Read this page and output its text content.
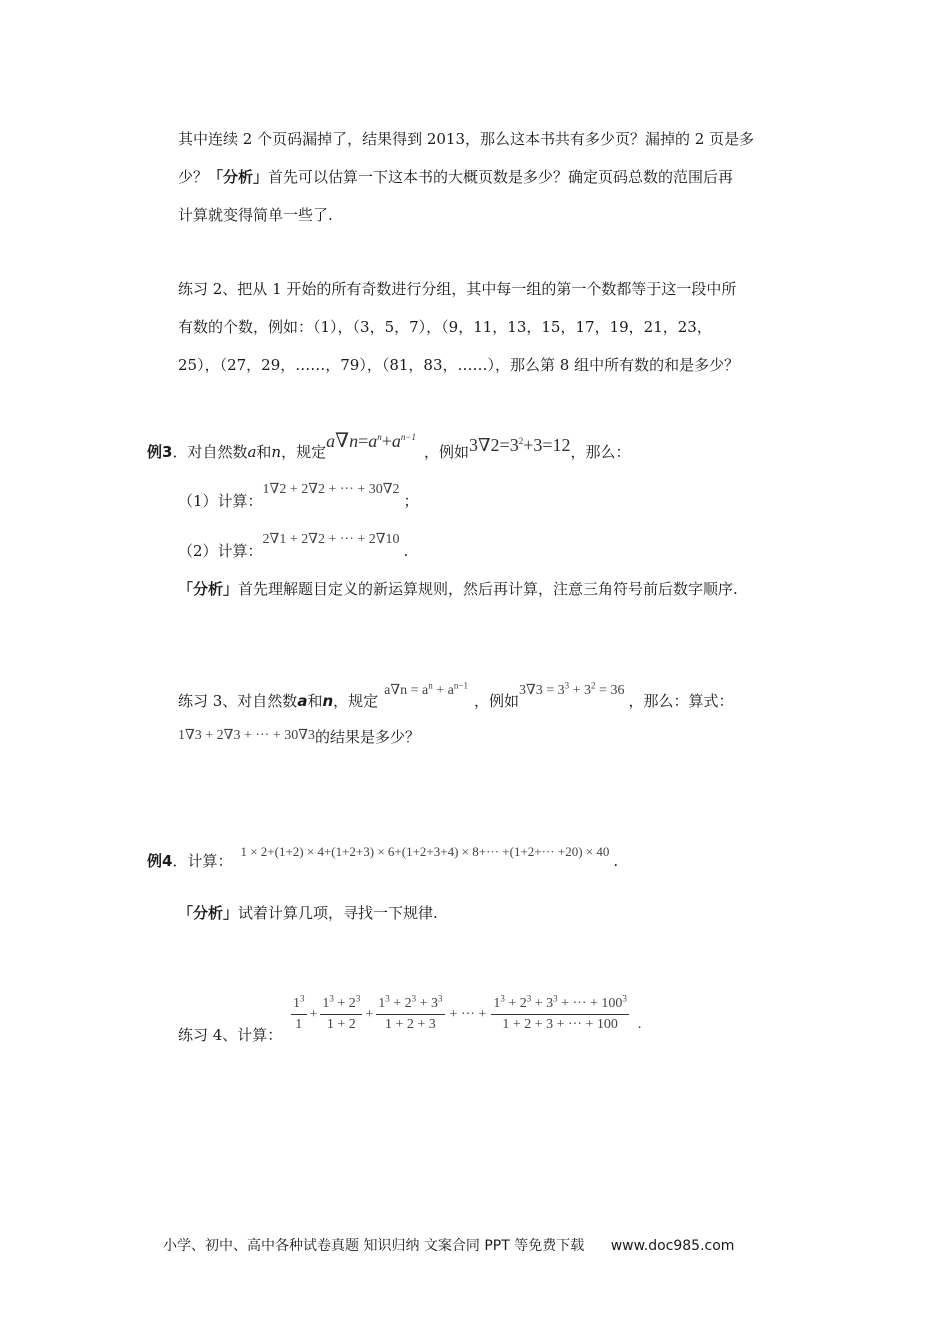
其中连续 2 个页码漏掉了，结果得到 2013，那么这本书共有多少页？漏掉的 2 页是多
少？「分析」首先可以估算一下这本书的大概页数是多少？确定页码总数的范围后再
计算就变得简单一些了.
练习 2、把从 1 开始的所有奇数进行分组，其中每一组的第一个数都等于这一段中所
有数的个数，例如：（1），（3，5，7），（9，11，13，15，17，19，21，23，
25），（27，29，……，79），（81，83，……），那么第 8 组中所有数的和是多少？
例3．对自然数a和n，规定$a\nabla n=a^n+a^{n-1}$，例如$3\nabla 2=3^2+3=12$，那么：
（1）计算：1∇2 + 2∇2 + ··· + 30∇2；
（2）计算：2∇1 + 2∇2 + ··· + 2∇10.
「分析」首先理解题目定义的新运算规则，然后再计算，注意三角符号前后数字顺序.
练习 3、对自然数a和n，规定$a\nabla n = a^n + a^{n-1}$，例如$3\nabla 3 = 3^3 + 3^2 = 36$，那么：算式：
1∇3 + 2∇3 + ··· + 30∇3的结果是多少？
例4．计算：1 × 2+(1+2) × 4+(1+2+3) × 6+(1+2+3+4) × 8+··· +(1+2+··· +20) × 40.
「分析」试着计算几项，寻找一下规律.
练习 4、计算：
$\frac{1^3}{1} + \frac{1^3 + 2^3}{1 + 2} + \frac{1^3 + 2^3 + 3^3}{1 + 2 + 3}$ + ··· + $\frac{1^3 + 2^3 + 3^3 + \cdot\cdot\cdot + 100^3}{1 + 2 + 3 + \cdot\cdot\cdot + 100}$ .
小学、初中、高中各种试卷真题 知识归纳 文案合同 PPT 等免费下载 www.doc985.com
